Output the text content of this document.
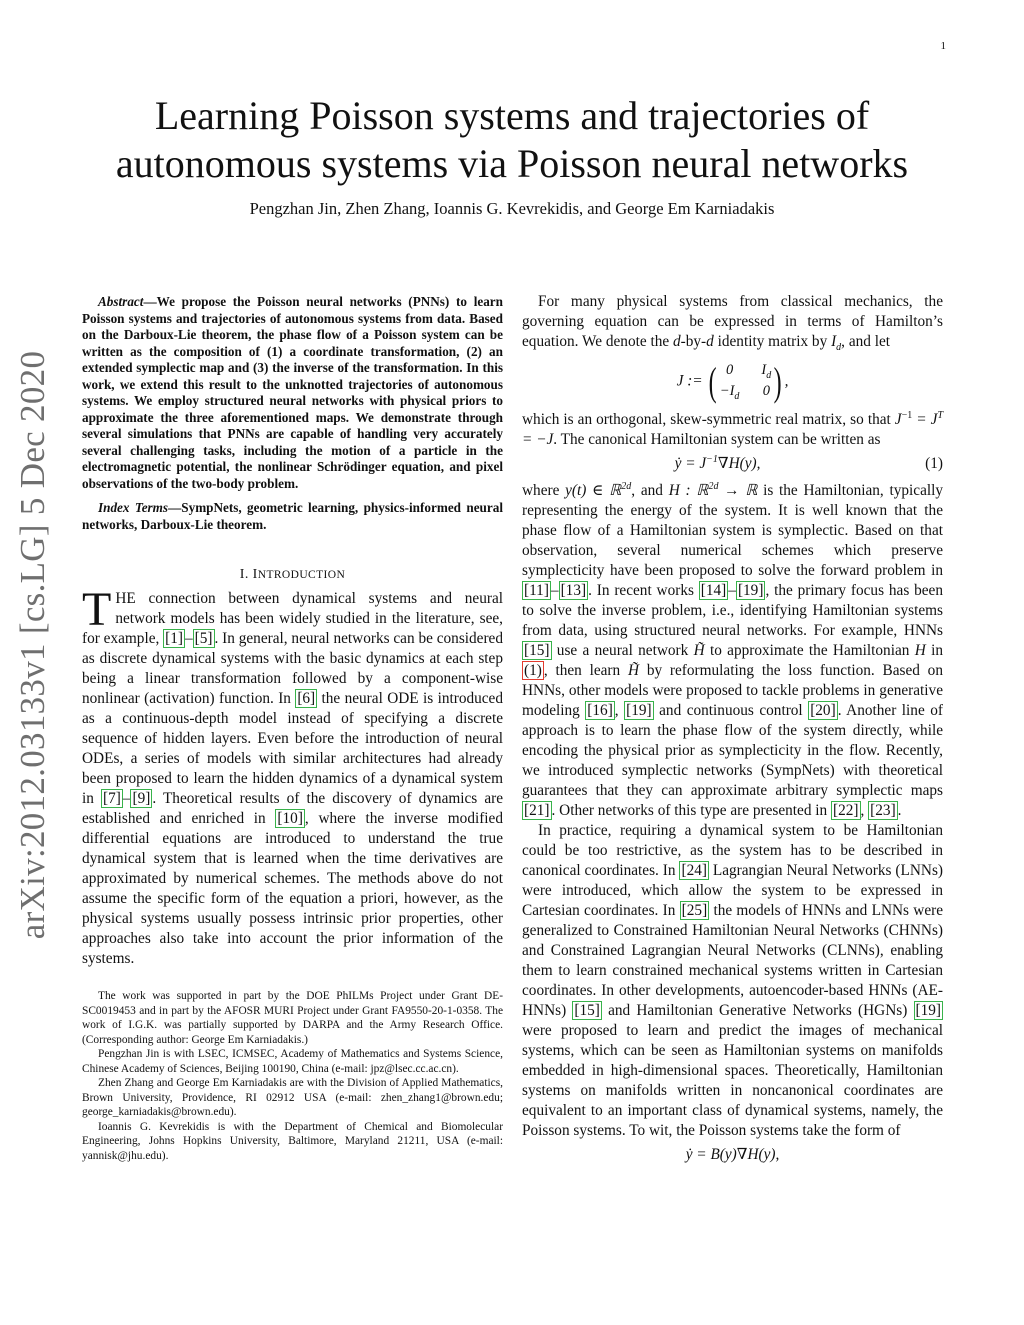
1
arXiv:2012.03133v1 [cs.LG] 5 Dec 2020
Learning Poisson systems and trajectories of autonomous systems via Poisson neural networks
Pengzhan Jin, Zhen Zhang, Ioannis G. Kevrekidis, and George Em Karniadakis

Abstract—We propose the Poisson neural networks (PNNs) to learn Poisson systems and trajectories of autonomous systems from data. Based on the Darboux-Lie theorem, the phase flow of a Poisson system can be written as the composition of (1) a coordinate transformation, (2) an extended symplectic map and (3) the inverse of the transformation. In this work, we extend this result to the unknotted trajectories of autonomous systems. We employ structured neural networks with physical priors to approximate the three aforementioned maps. We demonstrate through several simulations that PNNs are capable of handling very accurately several challenging tasks, including the motion of a particle in the electromagnetic potential, the nonlinear Schrödinger equation, and pixel observations of the two-body problem.

Index Terms—SympNets, geometric learning, physics-informed neural networks, Darboux-Lie theorem.

I. INTRODUCTION

THE connection between dynamical systems and neural network models has been widely studied in the literature, see, for example, [1] – [5] . In general, neural networks can be considered as discrete dynamical systems with the basic dynamics at each step being a linear transformation followed by a component-wise nonlinear (activation) function. In [6] the neural ODE is introduced as a continuous-depth model instead of specifying a discrete sequence of hidden layers. Even before the introduction of neural ODEs, a series of models with similar architectures had already been proposed to learn the hidden dynamics of a dynamical system in [7] – [9] . Theoretical results of the discovery of dynamics are established and enriched in [10] , where the inverse modified differential equations are introduced to understand the true dynamical system that is learned when the time derivatives are approximated by numerical schemes. The methods above do not assume the specific form of the equation a priori, however, as the physical systems usually possess intrinsic prior properties, other approaches also take into account the prior information of the systems.

The work was supported in part by the DOE PhILMs Project under Grant DE-SC0019453 and in part by the AFOSR MURI Project under Grant FA9550-20-1-0358. The work of I.G.K. was partially supported by DARPA and the Army Research Office. (Corresponding author: George Em Karniadakis.)

Pengzhan Jin is with LSEC, ICMSEC, Academy of Mathematics and Systems Science, Chinese Academy of Sciences, Beijing 100190, China (e-mail: jpz@lsec.cc.ac.cn).

Zhen Zhang and George Em Karniadakis are with the Division of Applied Mathematics, Brown University, Providence, RI 02912 USA (e-mail: zhen_zhang1@brown.edu; george_karniadakis@brown.edu).

Ioannis G. Kevrekidis is with the Department of Chemical and Biomolecular Engineering, Johns Hopkins University, Baltimore, Maryland 21211, USA (e-mail: yannisk@jhu.edu).

For many physical systems from classical mechanics, the governing equation can be expressed in terms of Hamilton’s equation. We denote the d-by-d identity matrix by $I_d$, and let

J := ( 0	$I_d$
$-I_d$ 0 ) ,

which is an orthogonal, skew-symmetric real matrix, so that $J^{-1} = J^T = -J$. The canonical Hamiltonian system can be written as

ẏ = $J^{-1}\nabla H(y)$,	(1)

where y(t) ∈ ℝ$^{2d}$, and H : ℝ$^{2d}$ → ℝ is the Hamiltonian, typically representing the energy of the system. It is well known that the phase flow of a Hamiltonian system is symplectic. Based on that observation, several numerical schemes which preserve symplecticity have been proposed to solve the forward problem in [11] – [13] . In recent works [14] – [19] , the primary focus has been to solve the inverse problem, i.e., identifying Hamiltonian systems from data, using structured neural networks. For example, HNNs [15] use a neural network H̃ to approximate the Hamiltonian H in (1) , then learn H̃ by reformulating the loss function. Based on HNNs, other models were proposed to tackle problems in generative modeling [16] , [19] and continuous control [20] . Another line of approach is to learn the phase flow of the system directly, while encoding the physical prior as symplecticity in the flow. Recently, we introduced symplectic networks (SympNets) with theoretical guarantees that they can approximate arbitrary symplectic maps [21] . Other networks of this type are presented in [22] , [23] .

In practice, requiring a dynamical system to be Hamiltonian could be too restrictive, as the system has to be described in canonical coordinates. In [24] Lagrangian Neural Networks (LNNs) were introduced, which allow the system to be expressed in Cartesian coordinates. In [25] the models of HNNs and LNNs were generalized to Constrained Hamiltonian Neural Networks (CHNNs) and Constrained Lagrangian Neural Networks (CLNNs), enabling them to learn constrained mechanical systems written in Cartesian coordinates. In other developments, autoencoder-based HNNs (AE-HNNs) [15] and Hamiltonian Generative Networks (HGNs) [19] were proposed to learn and predict the images of mechanical systems, which can be seen as Hamiltonian systems on manifolds embedded in high-dimensional spaces. Theoretically, Hamiltonian systems on manifolds written in noncanonical coordinates are equivalent to an important class of dynamical systems, namely, the Poisson systems. To wit, the Poisson systems take the form of

ẏ = B(y)∇H(y),
